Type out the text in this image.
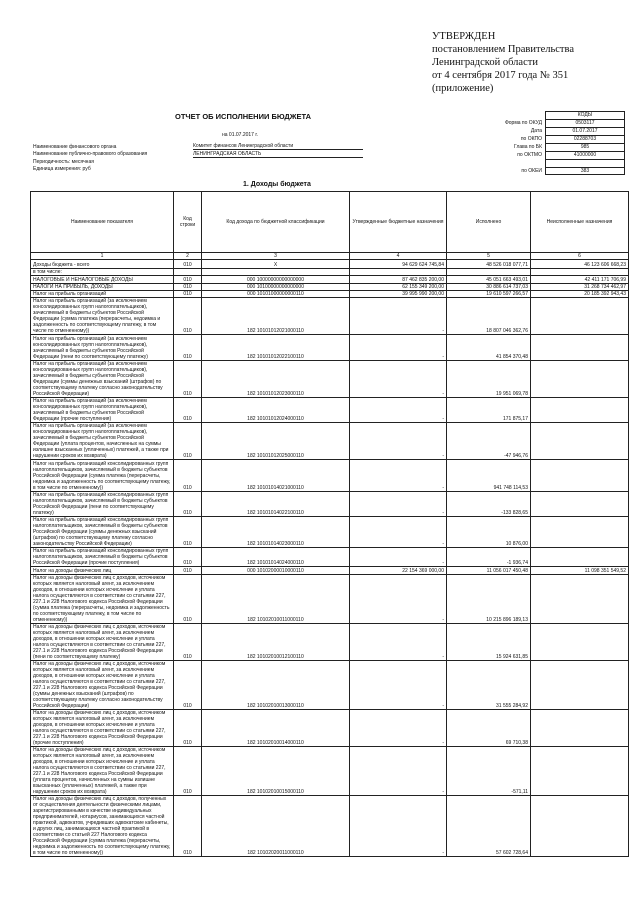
УТВЕРЖДЕН
постановлением Правительства
Ленинградской области
от 4 сентября 2017 года № 351
(приложение)
ОТЧЕТ ОБ ИСПОЛНЕНИИ БЮДЖЕТА
на 01.07.2017 г.
КОДЫ
Форма по ОКУД	0503117
Дата	01.07.2017
по ОКПО	02288703
Глава по БК	985
по ОКТМО	41000000
по ОКЕИ	383
Наименование финансового органа	Комитет финансов Ленинградской области
Наименование публично-правового образования	ЛЕНИНГРАДСКАЯ ОБЛАСТЬ
Периодичность: месячная
Единица измерения: руб
1. Доходы бюджета
Наименование показателя	Код строки	Код дохода по бюджетной классификации	Утвержденные бюджетные назначения	Исполнено	Неисполненные назначения
1	2	3	4	5	6
Доходы бюджета - всего	010	X	94 629 624 745,84	48 526 018 077,71	46 123 606 668,23
в том числе:					
НАЛОГОВЫЕ И НЕНАЛОГОВЫЕ ДОХОДЫ	010	000 10000000000000000	87 462 835 200,00	45 051 663 493,01	42 411 171 706,99
НАЛОГИ НА ПРИБЫЛЬ, ДОХОДЫ	010	000 10100000000000000	62 155 349 200,00	30 886 614 737,03	31 268 734 462,97
Налог на прибыль организаций	010	000 10101000000000110	39 995 990 200,00	19 610 597 266,57	20 185 392 943,43
Налог на прибыль организаций (за исключением консолидированных групп налогоплательщиков), зачисляемый в бюджеты субъектов Российской Федерации (сумма платежа (перерасчеты, недоимка и задолженность по соответствующему платежу, в том числе по отмененному))	010	182 10101012021000110	-	18 807 046 362,76	
Налог на прибыль организаций (за исключением консолидированных групп налогоплательщиков), зачисляемый в бюджеты субъектов Российской Федерации (пени по соответствующему платежу)	010	182 10101012022100110	-	41 854 370,48	
Налог на прибыль организаций (за исключением консолидированных групп налогоплательщиков), зачисляемый в бюджеты субъектов Российской Федерации (суммы денежных взысканий (штрафов) по соответствующему платежу согласно законодательству Российской Федерации)	010	182 10101012023000110	-	19 951 069,78	
Налог на прибыль организаций (за исключением консолидированных групп налогоплательщиков), зачисляемый в бюджеты субъектов Российской Федерации (прочие поступления)	010	182 10101012024000110	-	171 875,17	
Налог на прибыль организаций (за исключением консолидированных групп налогоплательщиков), зачисляемый в бюджеты субъектов Российской Федерации (уплата процентов, начисленных на суммы излишне взысканных (уплаченных) платежей, а также при нарушении сроков их возврата)	010	182 10101012025000110	-	-47 946,76	
Налог на прибыль организаций консолидированных групп налогоплательщиков, зачисляемый в бюджеты субъектов Российской Федерации (сумма платежа (перерасчеты, недоимка и задолженность по соответствующему платежу, в том числе по отмененному))	010	182 10101014021000110	-	941 748 114,53	
Налог на прибыль организаций консолидированных групп налогоплательщиков, зачисляемый в бюджеты субъектов Российской Федерации (пени по соответствующему платежу)	010	182 10101014022100110	-	-133 828,65	
Налог на прибыль организаций консолидированных групп налогоплательщиков, зачисляемый в бюджеты субъектов Российской Федерации (суммы денежных взысканий (штрафов) по соответствующему платежу согласно законодательству Российской Федерации)	010	182 10101014023000110	-	10 876,00	
Налог на прибыль организаций консолидированных групп налогоплательщиков, зачисляемый в бюджеты субъектов Российской Федерации (прочие поступления)	010	182 10101014024000110	-	-1 936,74	
Налог на доходы физических лиц	010	000 10102000010000110	22 154 369 000,00	11 056 017 450,48	11 098 351 549,52
Налог на доходы физических лиц с доходов, источником которых является налоговый агент, за исключением доходов, в отношении которых исчисление и уплата налога осуществляются в соответствии со статьями 227, 227.1 и 228 Налогового кодекса Российской Федерации (сумма платежа (перерасчеты, недоимка и задолженность по соответствующему платежу, в том числе по отмененному))	010	182 10102010011000110	-	10 215 896 189,13	
Налог на доходы физических лиц с доходов, источником которых является налоговый агент, за исключением доходов, в отношении которых исчисление и уплата налога осуществляются в соответствии со статьями 227, 227.1 и 228 Налогового кодекса Российской Федерации (пени по соответствующему платежу)	010	182 10102010012100110	-	15 924 631,85	
Налог на доходы физических лиц с доходов, источником которых является налоговый агент, за исключением доходов, в отношении которых исчисление и уплата налога осуществляются в соответствии со статьями 227, 227.1 и 228 Налогового кодекса Российской Федерации (суммы денежных взысканий (штрафов) по соответствующему платежу согласно законодательству Российской Федерации)	010	182 10102010013000110	-	31 555 284,92	
Налог на доходы физических лиц с доходов, источником которых является налоговый агент, за исключением доходов, в отношении которых исчисление и уплата налога осуществляются в соответствии со статьями 227, 227.1 и 228 Налогового кодекса Российской Федерации (прочие поступления)	010	182 10102010014000110	-	69 710,38	
Налог на доходы физических лиц с доходов, источником которых является налоговый агент, за исключением доходов, в отношении которых исчисление и уплата налога осуществляются в соответствии со статьями 227, 227.1 и 228 Налогового кодекса Российской Федерации (уплата процентов, начисленных на суммы излишне взысканных (уплаченных) платежей, а также при нарушении сроков их возврата)	010	182 10102010015000110	-	-571,11	
Налог на доходы физических лиц с доходов, полученных от осуществления деятельности физическими лицами, зарегистрированными в качестве индивидуальных предпринимателей, нотариусов, занимающихся частной практикой, адвокатов, учредивших адвокатские кабинеты, и других лиц, занимающихся частной практикой в соответствии со статьей 227 Налогового кодекса Российской Федерации (сумма платежа (перерасчеты, недоимка и задолженность по соответствующему платежу, в том числе по отмененному))	010	182 10102020011000110	-	57 602 728,64	
